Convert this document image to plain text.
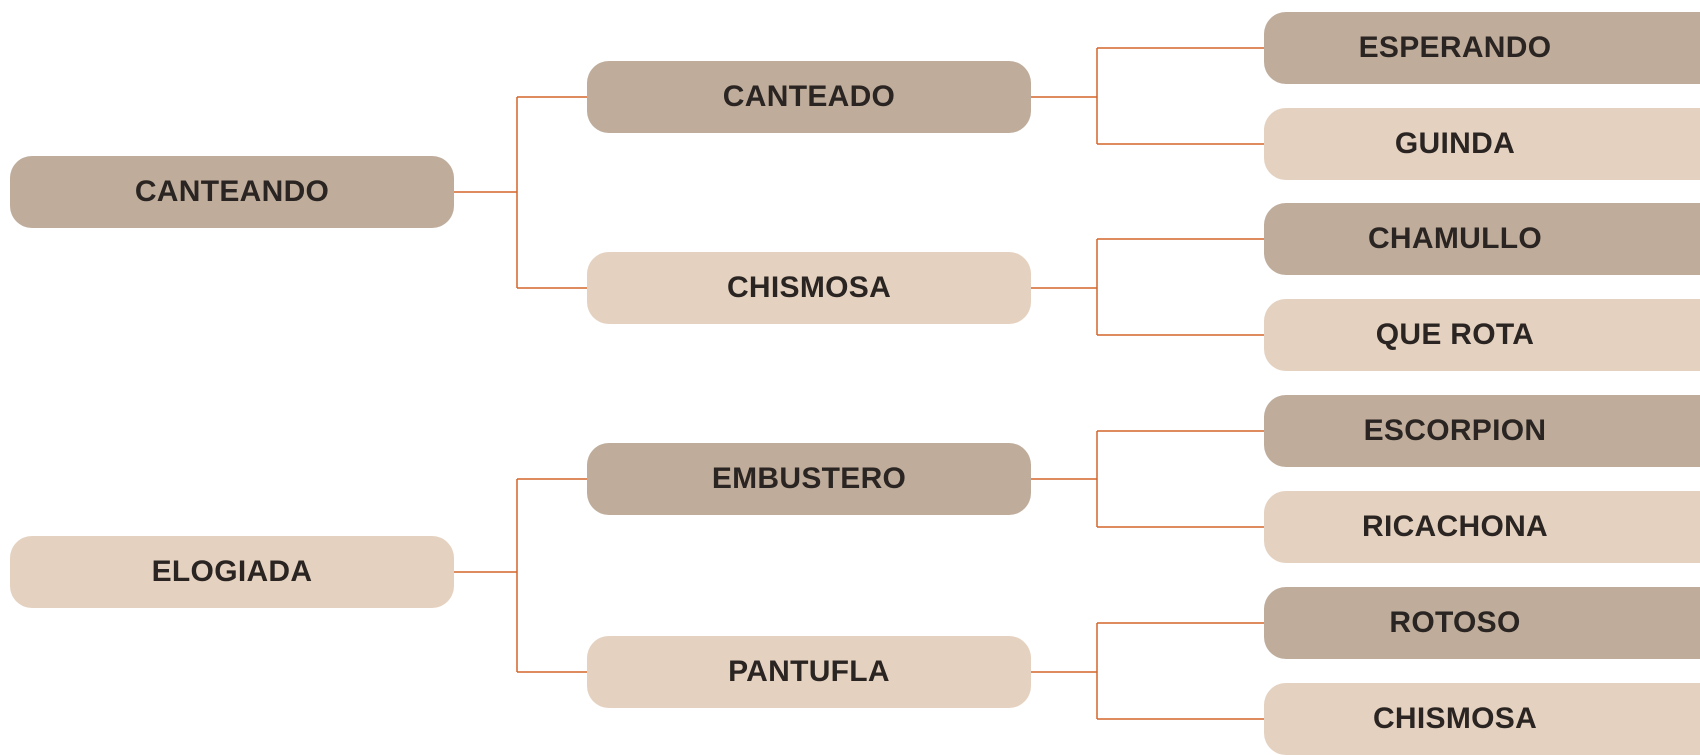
CANTEANDO
ELOGIADA
CANTEADO
CHISMOSA
EMBUSTERO
PANTUFLA
ESPERANDO
GUINDA
CHAMULLO
QUE ROTA
ESCORPION
RICACHONA
ROTOSO
CHISMOSA
